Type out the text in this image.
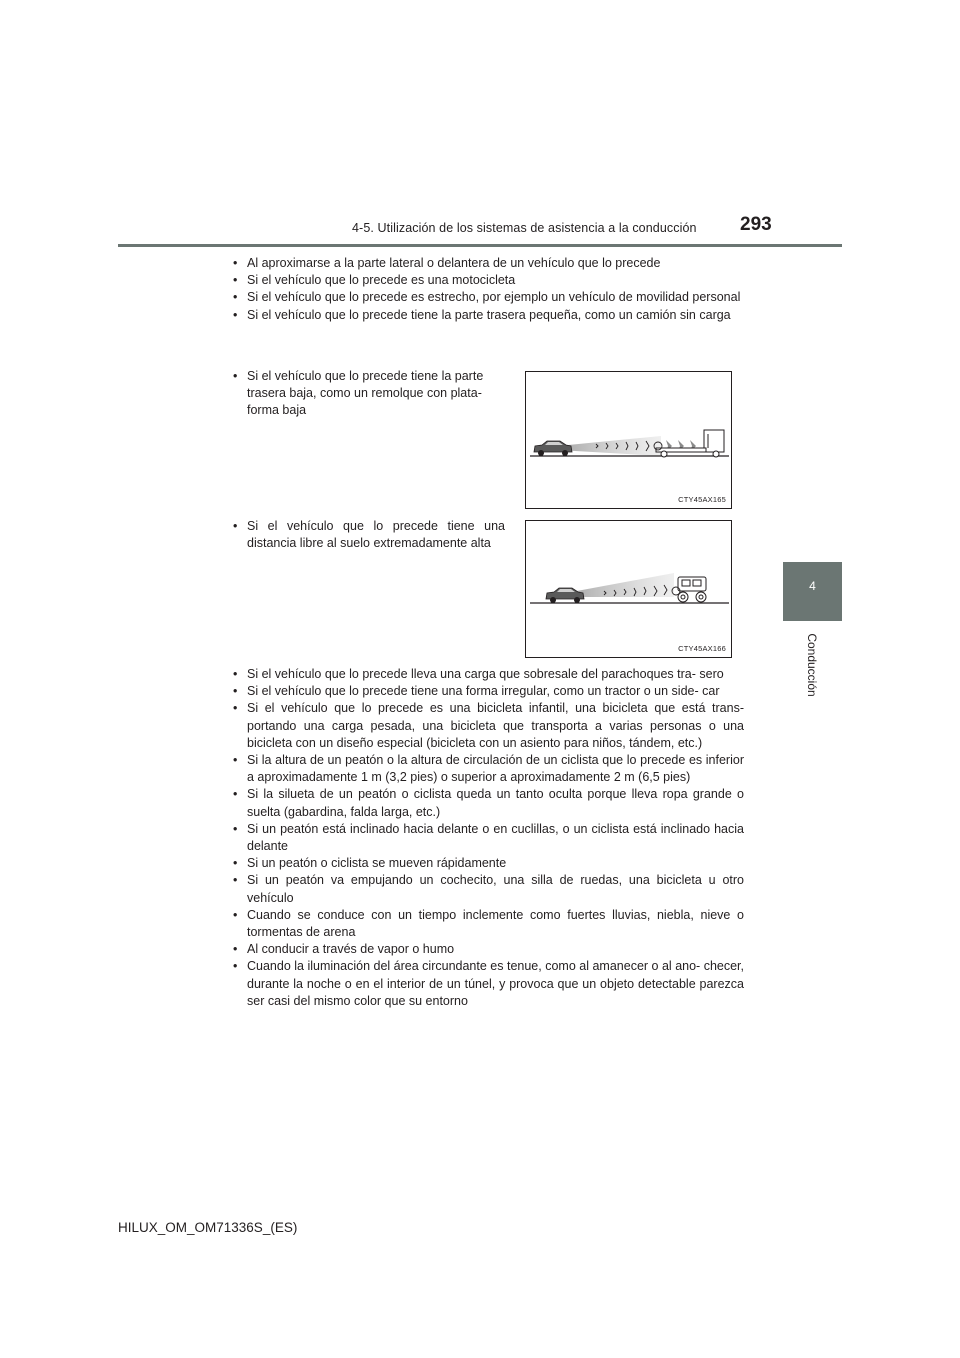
4-5. Utilización de los sistemas de asistencia a la conducción 293
4
Conducción
• Al aproximarse a la parte lateral o delantera de un vehículo que lo precede
• Si el vehículo que lo precede es una motocicleta
• Si el vehículo que lo precede es estrecho, por ejemplo un vehículo de movilidad personal
• Si el vehículo que lo precede tiene la parte trasera pequeña, como un camión sin carga
• Si el vehículo que lo precede tiene la parte trasera baja, como un remolque con plata- forma baja
• Si el vehículo que lo precede tiene una distancia libre al suelo extremadamente alta
CTY45AX165
CTY45AX166
• Si el vehículo que lo precede lleva una carga que sobresale del parachoques tra- sero
• Si el vehículo que lo precede tiene una forma irregular, como un tractor o un side- car
• Si el vehículo que lo precede es una bicicleta infantil, una bicicleta que está trans- portando una carga pesada, una bicicleta que transporta a varias personas o una bicicleta con un diseño especial (bicicleta con un asiento para niños, tándem, etc.)
• Si la altura de un peatón o la altura de circulación de un ciclista que lo precede es inferior a aproximadamente 1 m (3,2 pies) o superior a aproximadamente 2 m (6,5 pies)
• Si la silueta de un peatón o ciclista queda un tanto oculta porque lleva ropa grande o suelta (gabardina, falda larga, etc.)
• Si un peatón está inclinado hacia delante o en cuclillas, o un ciclista está inclinado hacia delante
• Si un peatón o ciclista se mueven rápidamente
• Si un peatón va empujando un cochecito, una silla de ruedas, una bicicleta u otro vehículo
• Cuando se conduce con un tiempo inclemente como fuertes lluvias, niebla, nieve o tormentas de arena
• Al conducir a través de vapor o humo
• Cuando la iluminación del área circundante es tenue, como al amanecer o al ano- checer, durante la noche o en el interior de un túnel, y provoca que un objeto detectable parezca ser casi del mismo color que su entorno
HILUX_OM_OM71336S_(ES)
